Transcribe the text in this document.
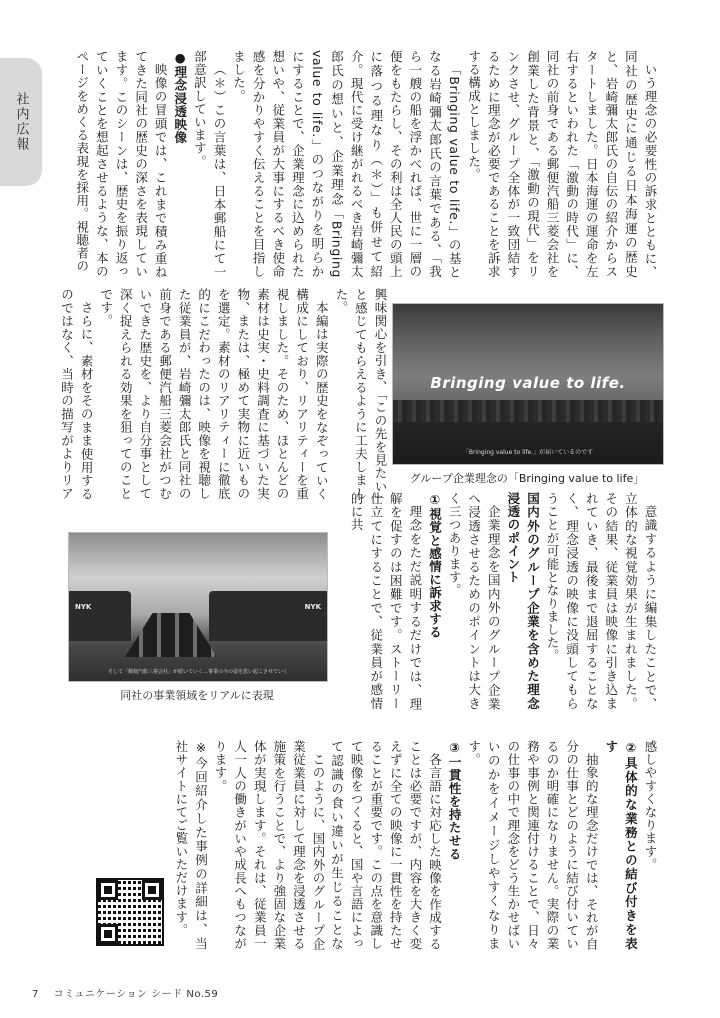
社内広報	いう理念の必要性の訴求とともに、同社の歴史に通じる日本海運の歴史と、岩崎彌太郎氏の自伝の紹介からスタートしました。日本海運の運命を左右するといわれた「激動の時代」に、同社の前身である郵便汽船三菱会社を創業した背景と、「激動の現代」をリンクさせ、グループ全体が一致団結するために理念が必要であることを訴求する構成としました。

「Bringing value to life.」の基となる岩崎彌太郎氏の言葉である、「我ら一艘の船を浮かべれば、世に一層の便をもたらし、その利は全人民の頭上に落つる理なり（＊）」も併せて紹介。現代に受け継がれるべき岩崎彌太郎氏の想いと、企業理念「Bringing value to life.」のつながりを明らかにすることで、企業理念に込められた想いや、従業員が大事にするべき使命感を分かりやすく伝えることを目指しました。

（＊）この言葉は、日本郵船にて一部意訳しています。

●理念浸透映像

映像の冒頭では、これまで積み重ねてきた同社の歴史の深さを表現しています。このシーンは、歴史を振り返っていくことを想起させるような、本のページをめくる表現を採用。視聴者の

興味関心を引き、「この先を見たい」と感じてもらえるように工夫しました。

本編は実際の歴史をなぞっていく構成にしており、リアリティーを重視しました。そのため、ほとんどの素材は史実・史料調査に基づいた実物、または、極めて実物に近いものを選定。素材のリアリティーに徹底的にこだわったのは、映像を視聴した従業員が、岩崎彌太郎氏と同社の前身である郵便汽船三菱会社がつむいできた歴史を、より自分事として深く捉えられる効果を狙ってのことです。

さらに、素材をそのまま使用するのではなく、当時の描写がよりリア

Bringing value to life.
「Bringing value to life.」が届いているのです
グループ企業理念の「Bringing value to life」

意識するように編集したことで、立体的な視覚効果が生まれました。その結果、従業員は映像に引き込まれていき、最後まで退屈することなく、理念浸透の映像に没頭してもらうことが可能となりました。

国内外のグループ企業を含めた理念浸透のポイント

企業理念を国内外のグループ企業へ浸透させるためのポイントは大きく三つあります。

①視覚と感情に訴求する

理念をただ説明するだけでは、理解を促すのは困難です。ストーリー仕立てにすることで、従業員が感情的に共

NYK	NYK
そして「郵便汽船三菱会社」が続いていく…事業の今の姿を思い起こさせていく
同社の事業領域をリアルに表現

感しやすくなります。

②具体的な業務との結び付きを表す

抽象的な理念だけでは、それが自分の仕事とどのように結び付いているのか明確になりません。実際の業務や事例と関連付けることで、日々の仕事の中で理念をどう生かせばいいのかをイメージしやすくなります。

③一貫性を持たせる

各言語に対応した映像を作成することは必要ですが、内容を大きく変えずに全ての映像に一貫性を持たせることが重要です。この点を意識して映像をつくると、国や言語によって認識の食い違いが生じることな

このように、国内外のグループ企業従業員に対して理念を浸透させる施策を行うことで、より強固な企業体が実現します。それは、従業員一人一人の働きがいや成長へもつながります。

※今回紹介した事例の詳細は、当社サイトにてご覧いただけます。

7 コミュニケーション シード No.59
